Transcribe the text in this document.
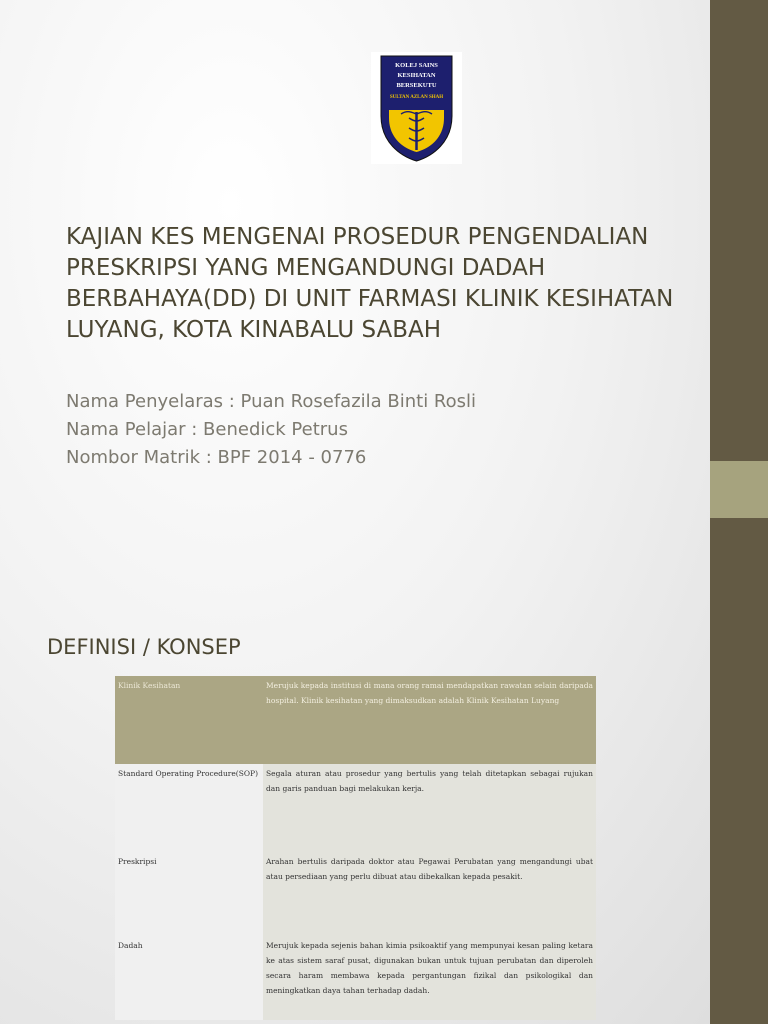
KOLEJ SAINS
KESIHATAN
BERSEKUTU
SULTAN AZLAN SHAH
KAJIAN KES MENGENAI PROSEDUR PENGENDALIAN PRESKRIPSI YANG MENGANDUNGI DADAH BERBAHAYA(DD) DI UNIT FARMASI KLINIK KESIHATAN LUYANG, KOTA KINABALU SABAH
Nama Penyelaras : Puan Rosefazila Binti Rosli
Nama Pelajar : Benedick Petrus
Nombor Matrik : BPF 2014 - 0776
DEFINISI / KONSEP
Klinik Kesihatan	Merujuk kepada institusi di mana orang ramai mendapatkan rawatan selain daripada hospital. Klinik kesihatan yang dimaksudkan adalah Klinik Kesihatan Luyang
Standard Operating Procedure(SOP)	Segala aturan atau prosedur yang bertulis yang telah ditetapkan sebagai rujukan dan garis panduan bagi melakukan kerja.
Preskripsi	Arahan bertulis daripada doktor atau Pegawai Perubatan yang mengandungi ubat atau persediaan yang perlu dibuat atau dibekalkan kepada pesakit.
Dadah	Merujuk kepada sejenis bahan kimia psikoaktif yang mempunyai kesan paling ketara ke atas sistem saraf pusat, digunakan bukan untuk tujuan perubatan dan diperoleh secara haram membawa kepada pergantungan fizikal dan psikologikal dan meningkatkan daya tahan terhadap dadah.
